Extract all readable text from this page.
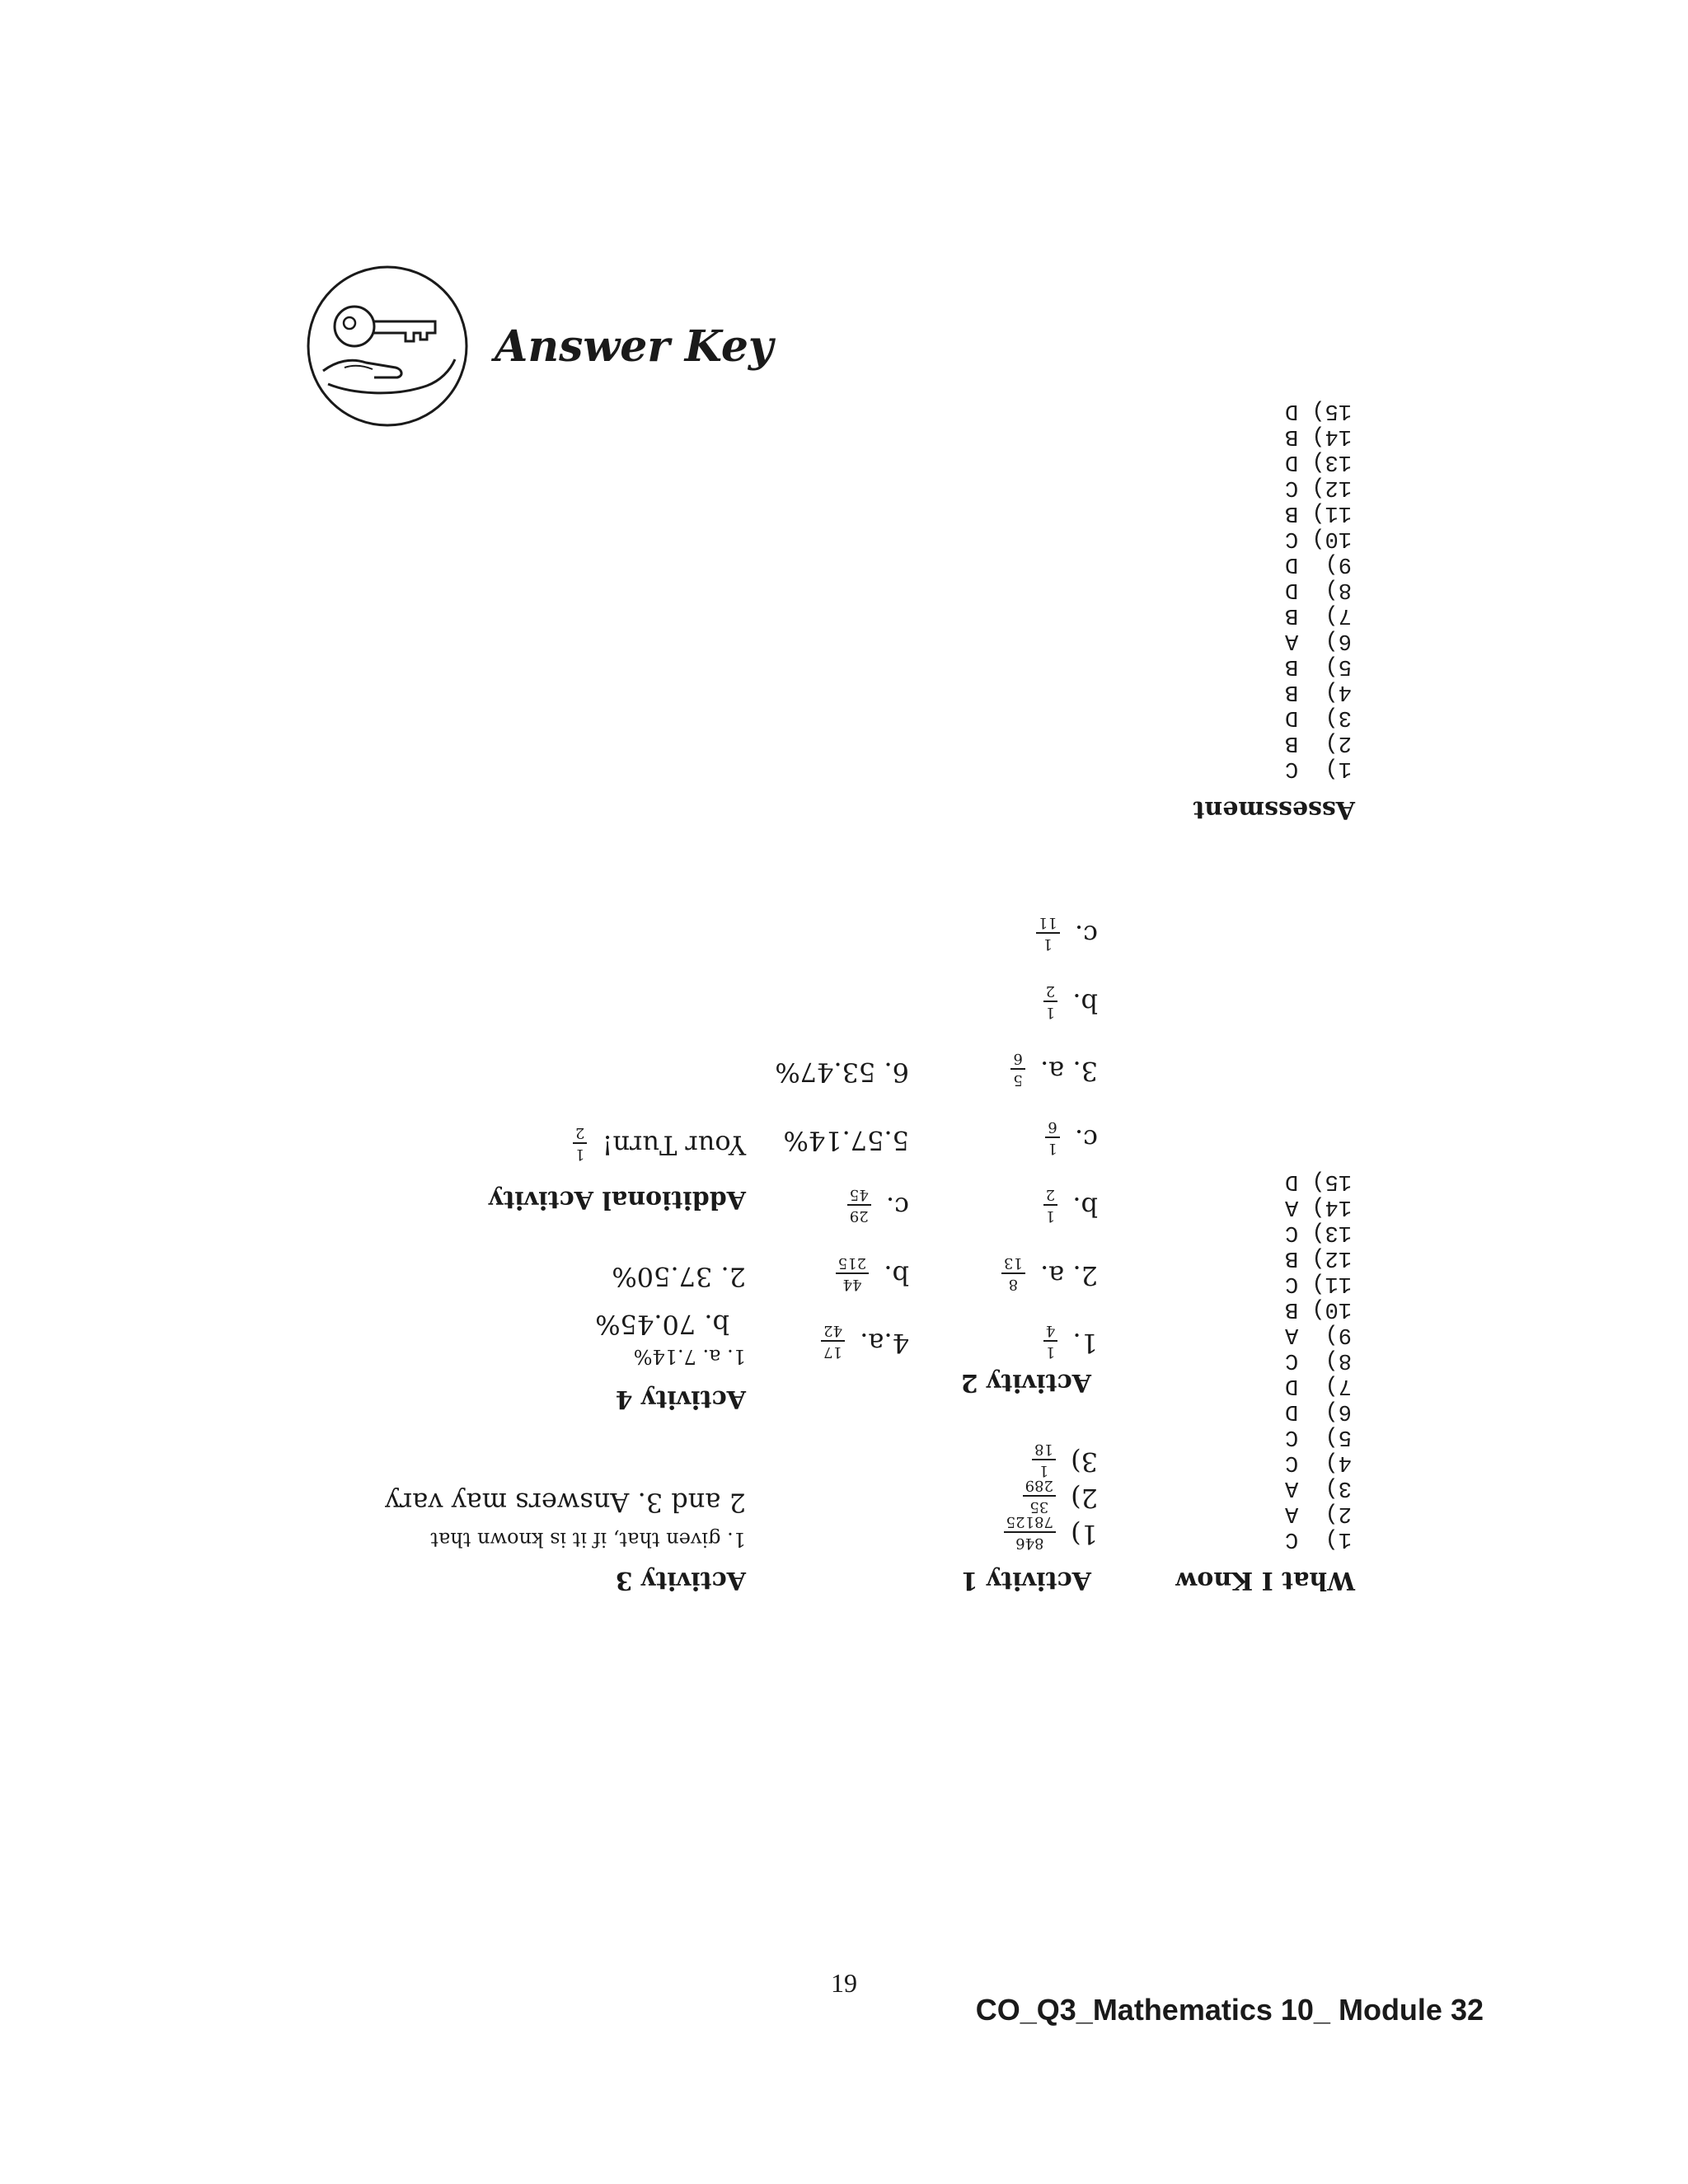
Answer Key
What I Know
1)  C
2)  A
3)  A
4)  C
5)  C
6)  D
7)  D
8)  C
9)  A
10) B
11) C
12) B
13) C
14) A
15) D
Assessment
1)  C
2)  B
3)  D
4)  B
5)  B
6)  A
7)  B
8)  D
9)  D
10) C
11) B
12) C
13) D
14) B
15) D
Activity 1
1)
846
78125
2)
35
289
3)
1
18
Activity 2
1.
1
4
2. a.
8
13
b.
1
2
c.
1
6
3. a.
5
6
b.
1
2
c.
1
11
4.a.
17
42
b.
44
215
c.
29
45
5.57.14%
6. 53.47%
Activity 3
1. given that, if it is known that
2 and 3. Answers may vary
Activity 4
1. a. 7.14%
b. 70.45%
2. 37.50%
Additional Activity
Your Turn!
1
2
19
CO_Q3_Mathematics 10_ Module 32
